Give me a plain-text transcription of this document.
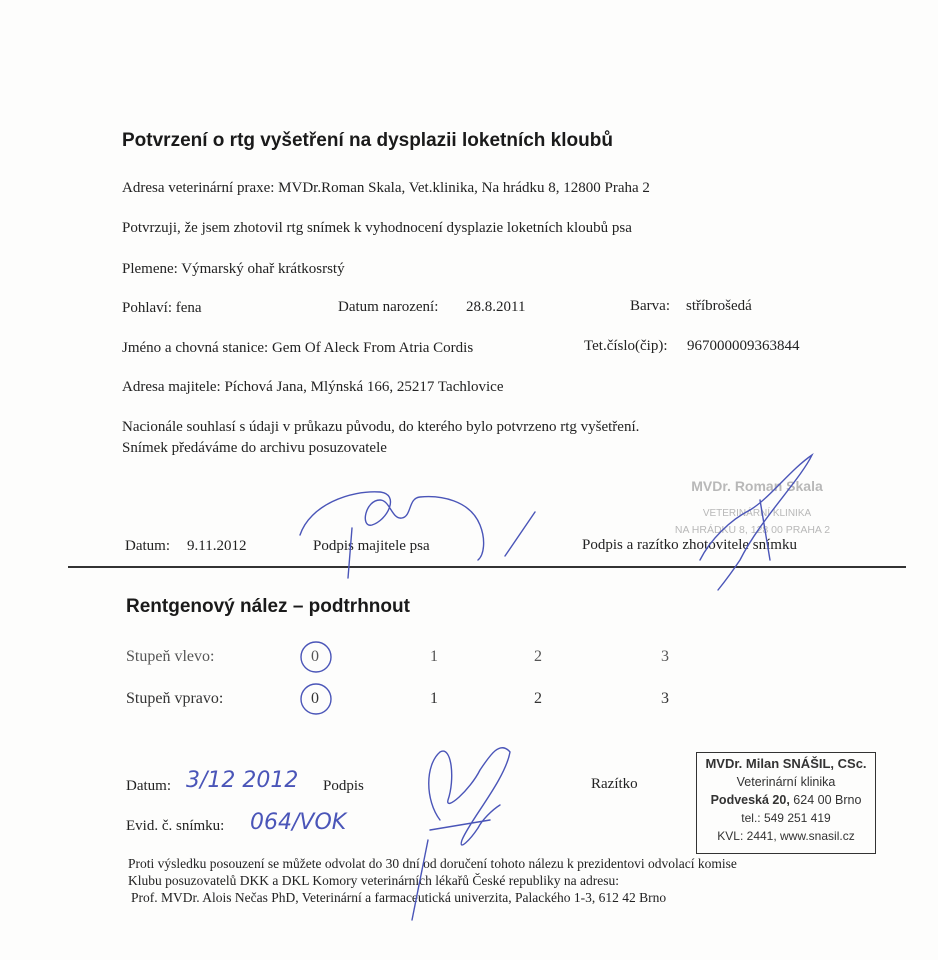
Potvrzení o rtg vyšetření na dysplazii loketních kloubů
Adresa veterinární praxe: MVDr.Roman Skala, Vet.klinika, Na hrádku 8, 12800 Praha 2
Potvrzuji, že jsem zhotovil rtg snímek k vyhodnocení dysplazie loketních kloubů psa
Plemene: Výmarský ohař krátkosrstý
Pohlaví: fena	Datum narození: 28.8.2011	Barva: stříbrošedá
Jméno a chovná stanice: Gem Of Aleck From Atria Cordis	Tet.číslo(čip): 967000009363844
Adresa majitele: Píchová Jana, Mlýnská 166, 25217 Tachlovice
Nacionále souhlasí s údaji v průkazu původu, do kterého bylo potvrzeno rtg vyšetření.
Snímek předáváme do archivu posuzovatele
MVDr. Roman Skala
VETERINÁRNÍ KLINIKA
NA HRÁDKU 8, 128 00 PRAHA 2
Datum: 9.11.2012	Podpis majitele psa	Podpis a razítko zhotovitele snímku
Rentgenový nález – podtrhnout
Stupeň vlevo:	0	1	2	3
Stupeň vpravo:	0	1	2	3
Datum: 3/12 2012 Podpis	Razítko
Evid. č. snímku: 064/VOK
MVDr. Milan SNÁŠIL, CSc.
Veterinární klinika
Podveská 20, 624 00 Brno
tel.: 549 251 419
KVL: 2441, www.snasil.cz
Proti výsledku posouzení se můžete odvolat do 30 dní od doručení tohoto nálezu k prezidentovi odvolací komise
Klubu posuzovatelů DKK a DKL Komory veterinárních lékařů České republiky na adresu:
Prof. MVDr. Alois Nečas PhD, Veterinární a farmaceutická univerzita, Palackého 1-3, 612 42 Brno
